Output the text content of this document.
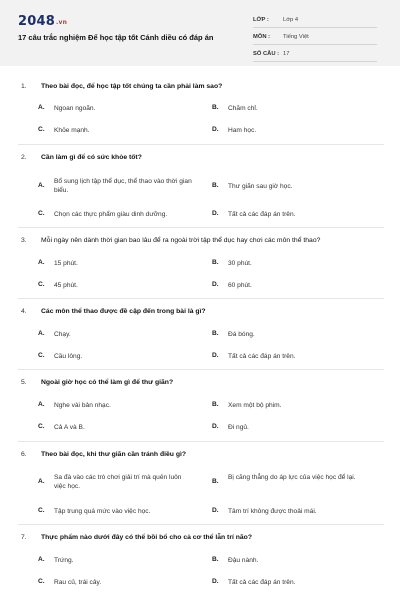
2048.vn
17 câu trắc nghiệm Để học tập tốt Cánh diều có đáp án
LỚP : Lớp 4
MÔN : Tiếng Việt
SỐ CÂU : 17
1. Theo bài đọc, để học tập tốt chúng ta cần phải làm sao?
A. Ngoan ngoãn.	B. Chăm chỉ.
C. Khỏe mạnh.	D. Ham học.
2. Cần làm gì để có sức khỏe tốt?
A.
Bổ sung lịch tập thể dục, thể thao vào thời gian biểu.
B. Thư giãn sau giờ học.
C. Chọn các thực phẩm giàu dinh dưỡng.	D. Tất cả các đáp án trên.
3. Mỗi ngày nên dành thời gian bao lâu để ra ngoài trời tập thể dục hay chơi các môn thể thao?
A. 15 phút.	B. 30 phút.
C. 45 phút.	D. 60 phút.
4. Các môn thể thao được đề cập đến trong bài là gì?
A. Chạy.	B. Đá bóng.
C. Cầu lông.	D. Tất cả các đáp án trên.
5. Ngoài giờ học có thể làm gì để thư giãn?
A. Nghe vài bản nhạc.	B. Xem một bộ phim.
C. Cả A và B.	D. Đi ngủ.
6. Theo bài đọc, khi thư giãn cần tránh điều gì?
A.
Sa đà vào các trò chơi giải trí mà quên luôn việc học.
B.
Bị căng thẳng do áp lực của việc học để lại.
C. Tập trung quá mức vào việc học.	D. Tâm trí không được thoải mái.
7. Thực phẩm nào dưới đây có thể bồi bổ cho cả cơ thể lẫn trí não?
A. Trứng.	B. Đậu nành.
C. Rau củ, trái cây.	D. Tất cả các đáp án trên.
